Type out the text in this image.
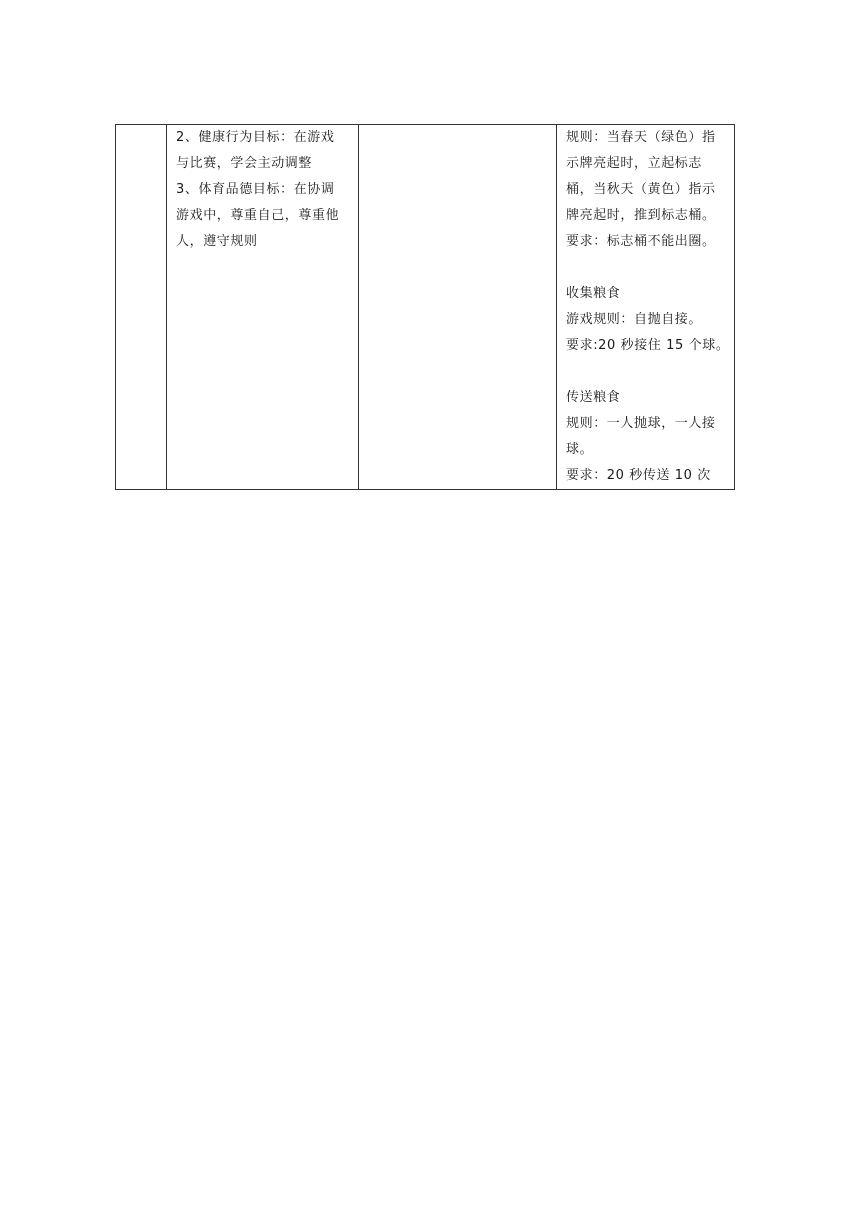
2、健康行为目标：在游戏
与比赛，学会主动调整
3、体育品德目标：在协调
游戏中，尊重自己，尊重他
人，遵守规则

规则：当春天（绿色）指
示牌亮起时，立起标志
桶，当秋天（黄色）指示
牌亮起时，推到标志桶。
要求：标志桶不能出圈。
收集粮食
游戏规则：自抛自接。
要求:20 秒接住 15 个球。
传送粮食
规则：一人抛球，一人接
球。
要求：20 秒传送 10 次
